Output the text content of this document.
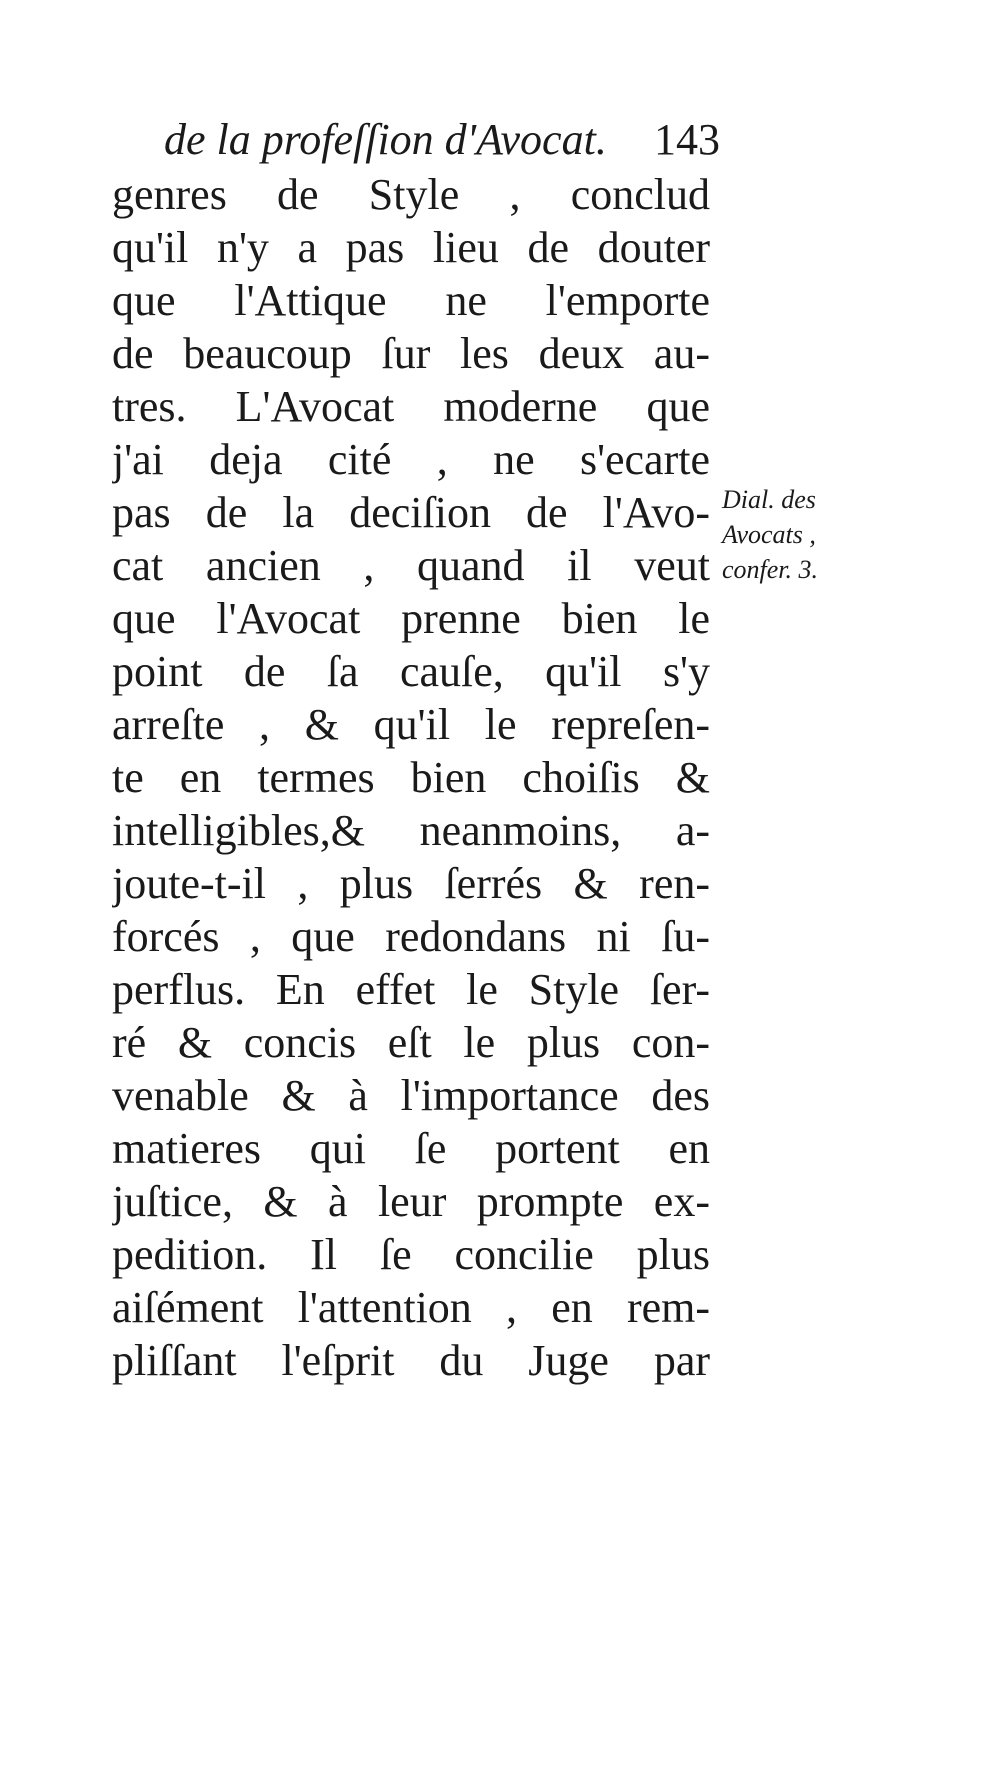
de la profeſſion d'Avocat. 143
genres de Style , conclud
qu'il n'y a pas lieu de douter
que l'Attique ne l'emporte
de beaucoup ſur les deux au-
tres. L'Avocat moderne que
j'ai deja cité , ne s'ecarte
pas de la deciſion de l'Avo-
cat ancien , quand il veut
que l'Avocat prenne bien le
point de ſa cauſe, qu'il s'y
arreſte , & qu'il le repreſen-
te en termes bien choiſis &
intelligibles,& neanmoins, a-
joute-t-il , plus ſerrés & ren-
forcés , que redondans ni ſu-
perflus. En effet le Style ſer-
ré & concis eſt le plus con-
venable & à l'importance des
matieres qui ſe portent en
juſtice, & à leur prompte ex-
pedition. Il ſe concilie plus
aiſément l'attention , en rem-
pliſſant l'eſprit du Juge par
Dial. des
Avocats ,
confer. 3.
